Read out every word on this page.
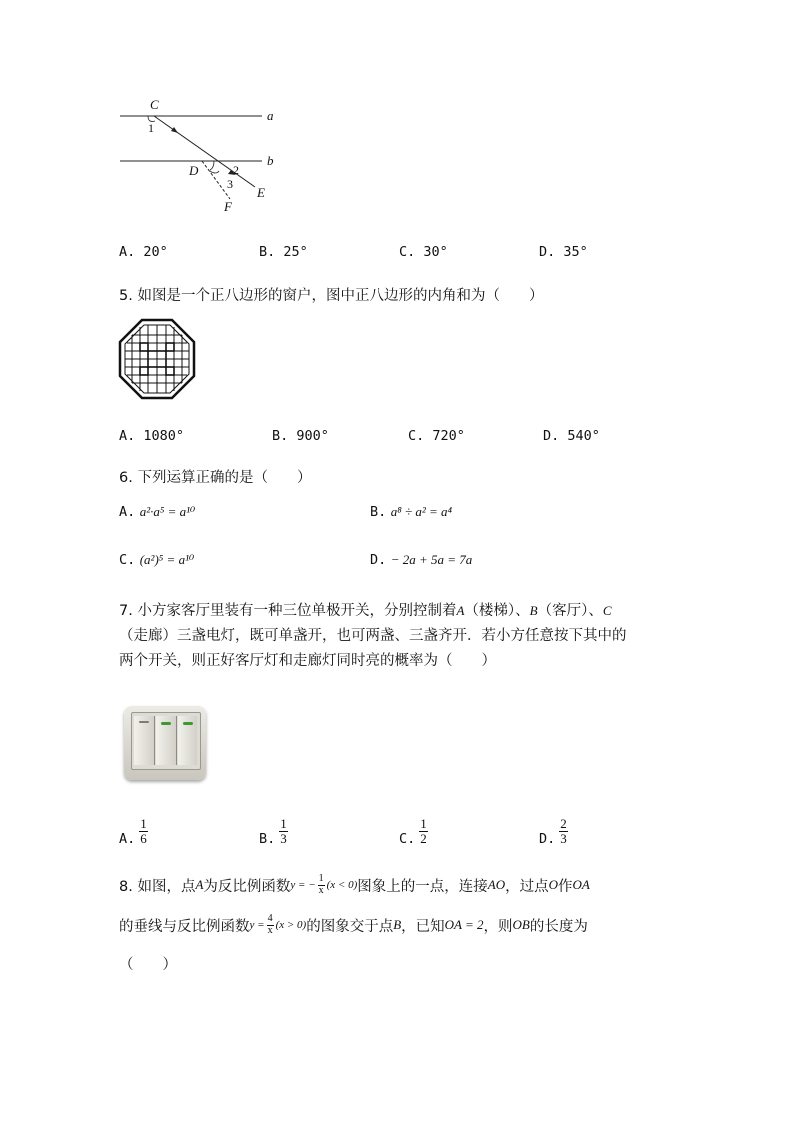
C
1
a
b
D	2
3
E
F
A. 20°	B. 25°	C. 30°	D. 35°
5. 如图是一个正八边形的窗户，图中正八边形的内角和为（　　）
A. 1080°	B. 900°	C. 720°	D. 540°
6. 下列运算正确的是（　　）
A. a²·a⁵ = a¹⁰	B. a⁸ ÷ a² = a⁴
C. (a²)⁵ = a¹⁰	D. − 2a + 5a = 7a
7. 小方家客厅里装有一种三位单极开关，分别控制着A（楼梯）、B（客厅）、C
（走廊）三盏电灯，既可单盏开，也可两盏、三盏齐开．若小方任意按下其中的
两个开关，则正好客厅灯和走廊灯同时亮的概率为（　　）
A. $\frac{1}{6}$	B. $\frac{1}{3}$	C. $\frac{1}{2}$	D. $\frac{2}{3}$
8. 如图，点 A 为反比例函数 y = − $\frac{1}{x} (x < 0)$ 图象上的一点，连接 AO ，过点 O 作 OA
的垂线与反比例函数 $y = \frac{4}{x} (x > 0)$ 的图象交于点 B ，已知 OA = 2 ，则 OB 的长度为
（　　）
